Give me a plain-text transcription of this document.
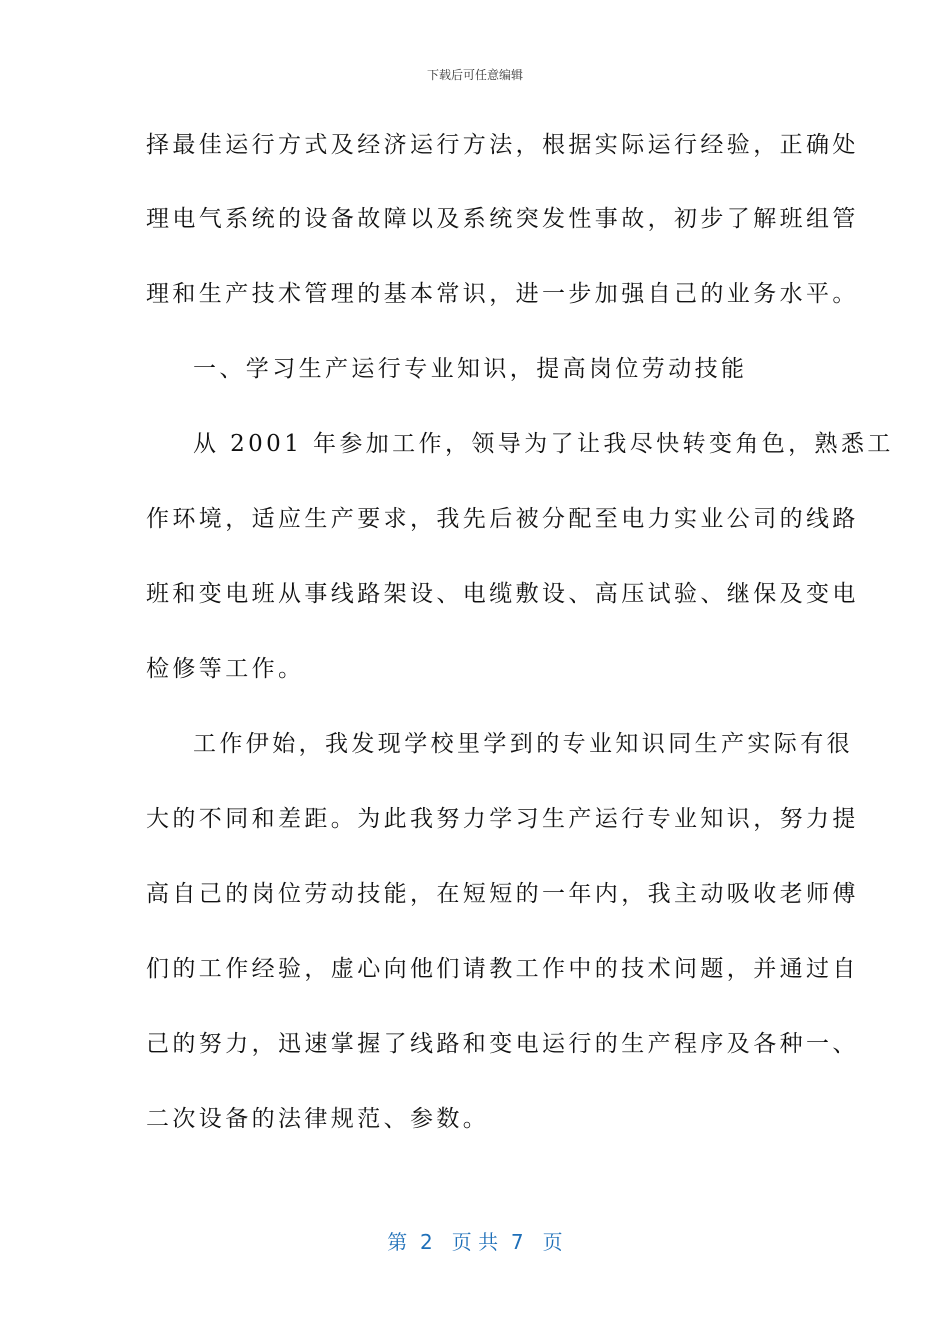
下载后可任意编辑
择最佳运行方式及经济运行方法，根据实际运行经验，正确处
理电气系统的设备故障以及系统突发性事故，初步了解班组管
理和生产技术管理的基本常识，进一步加强自己的业务水平。
一、学习生产运行专业知识，提高岗位劳动技能
从 2001 年参加工作，领导为了让我尽快转变角色，熟悉工
作环境，适应生产要求，我先后被分配至电力实业公司的线路
班和变电班从事线路架设、电缆敷设、高压试验、继保及变电
检修等工作。
工作伊始，我发现学校里学到的专业知识同生产实际有很
大的不同和差距。为此我努力学习生产运行专业知识，努力提
高自己的岗位劳动技能，在短短的一年内，我主动吸收老师傅
们的工作经验，虚心向他们请教工作中的技术问题，并通过自
己的努力，迅速掌握了线路和变电运行的生产程序及各种一、
二次设备的法律规范、参数。
第  2   页 共  7   页
